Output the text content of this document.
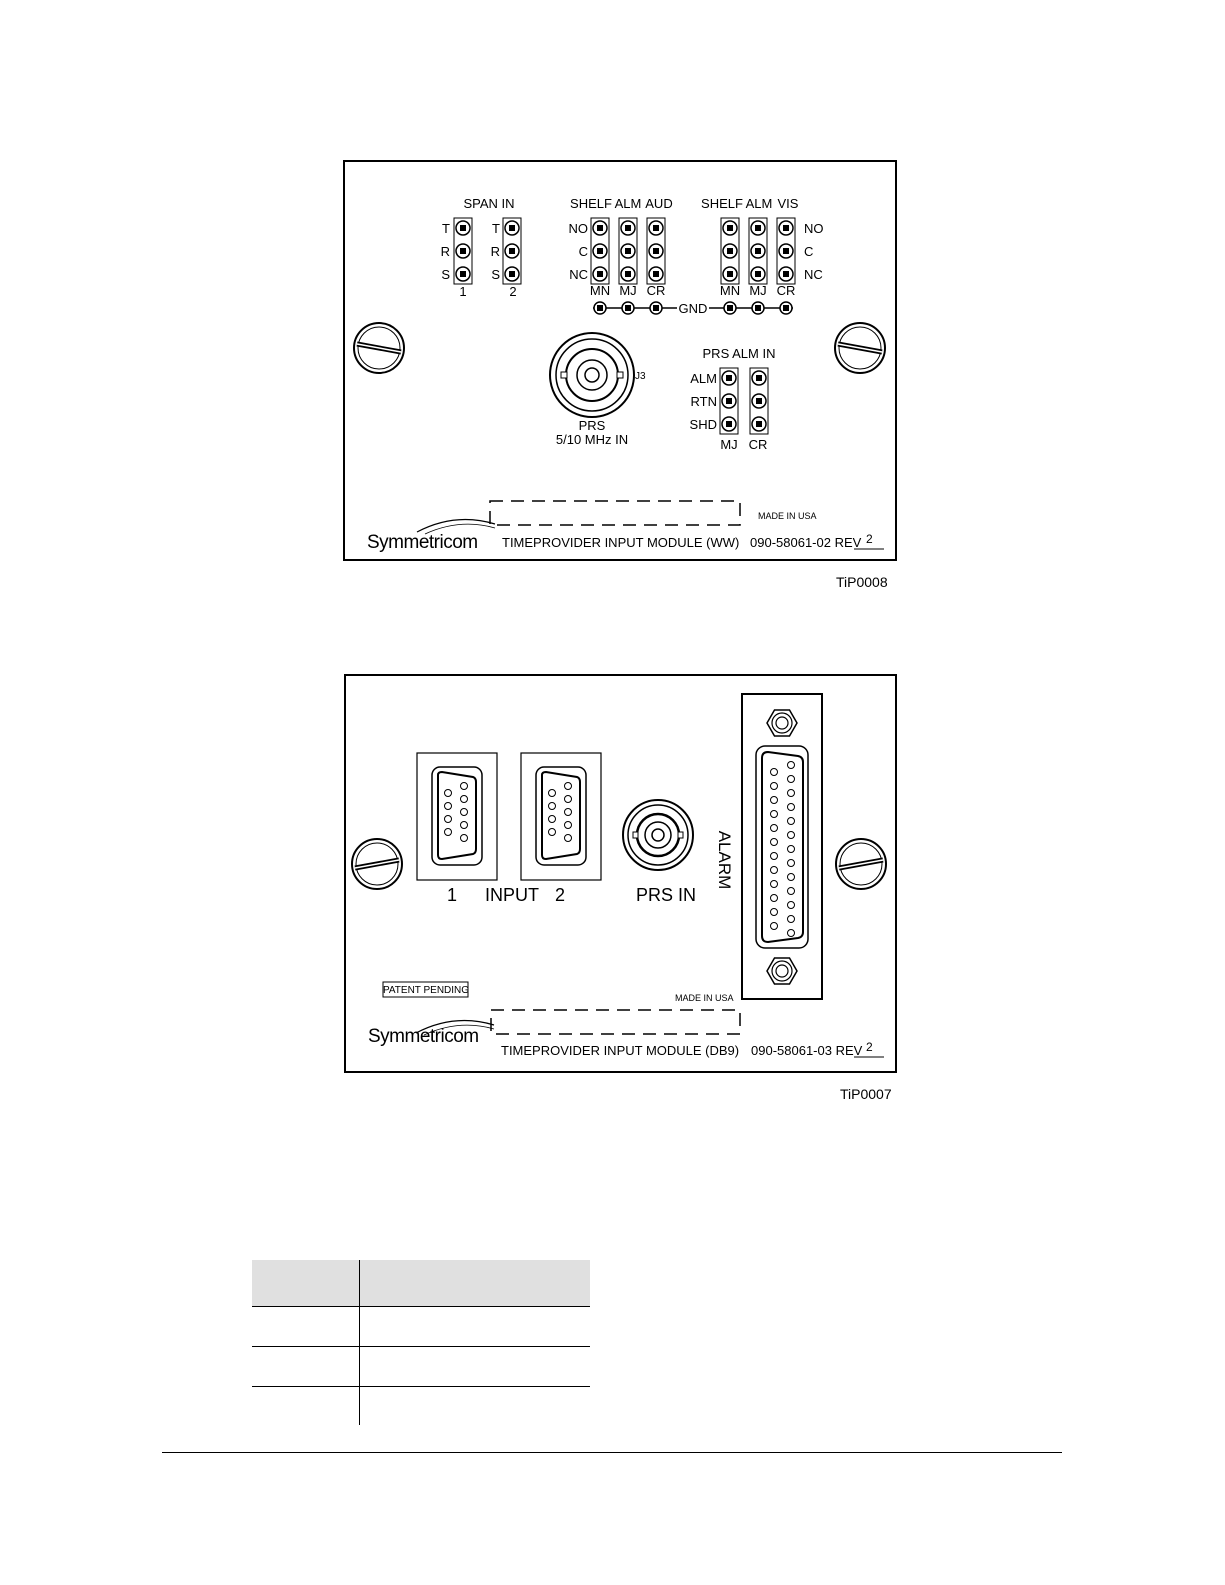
SPAN IN
T
R
S
T
R
S
1	2
SHELF ALM AUD
NO
C
NC
SHELF ALM VIS
NO
C
NC
MN MJ CR	MN MJ CR
GND
J3
PRS
5/10 MHz IN
PRS ALM IN
ALM
RTN
SHD
MJ CR
MADE IN USA
Symmetricom TIMEPROVIDER INPUT MODULE (WW) 090-58061-02 REV 2
TiP0008
1 INPUT 2	PRS IN
ALARM
PATENT PENDING
MADE IN USA
Symmetricom
TIMEPROVIDER INPUT MODULE (DB9) 090-58061-03 REV 2
TiP0007
